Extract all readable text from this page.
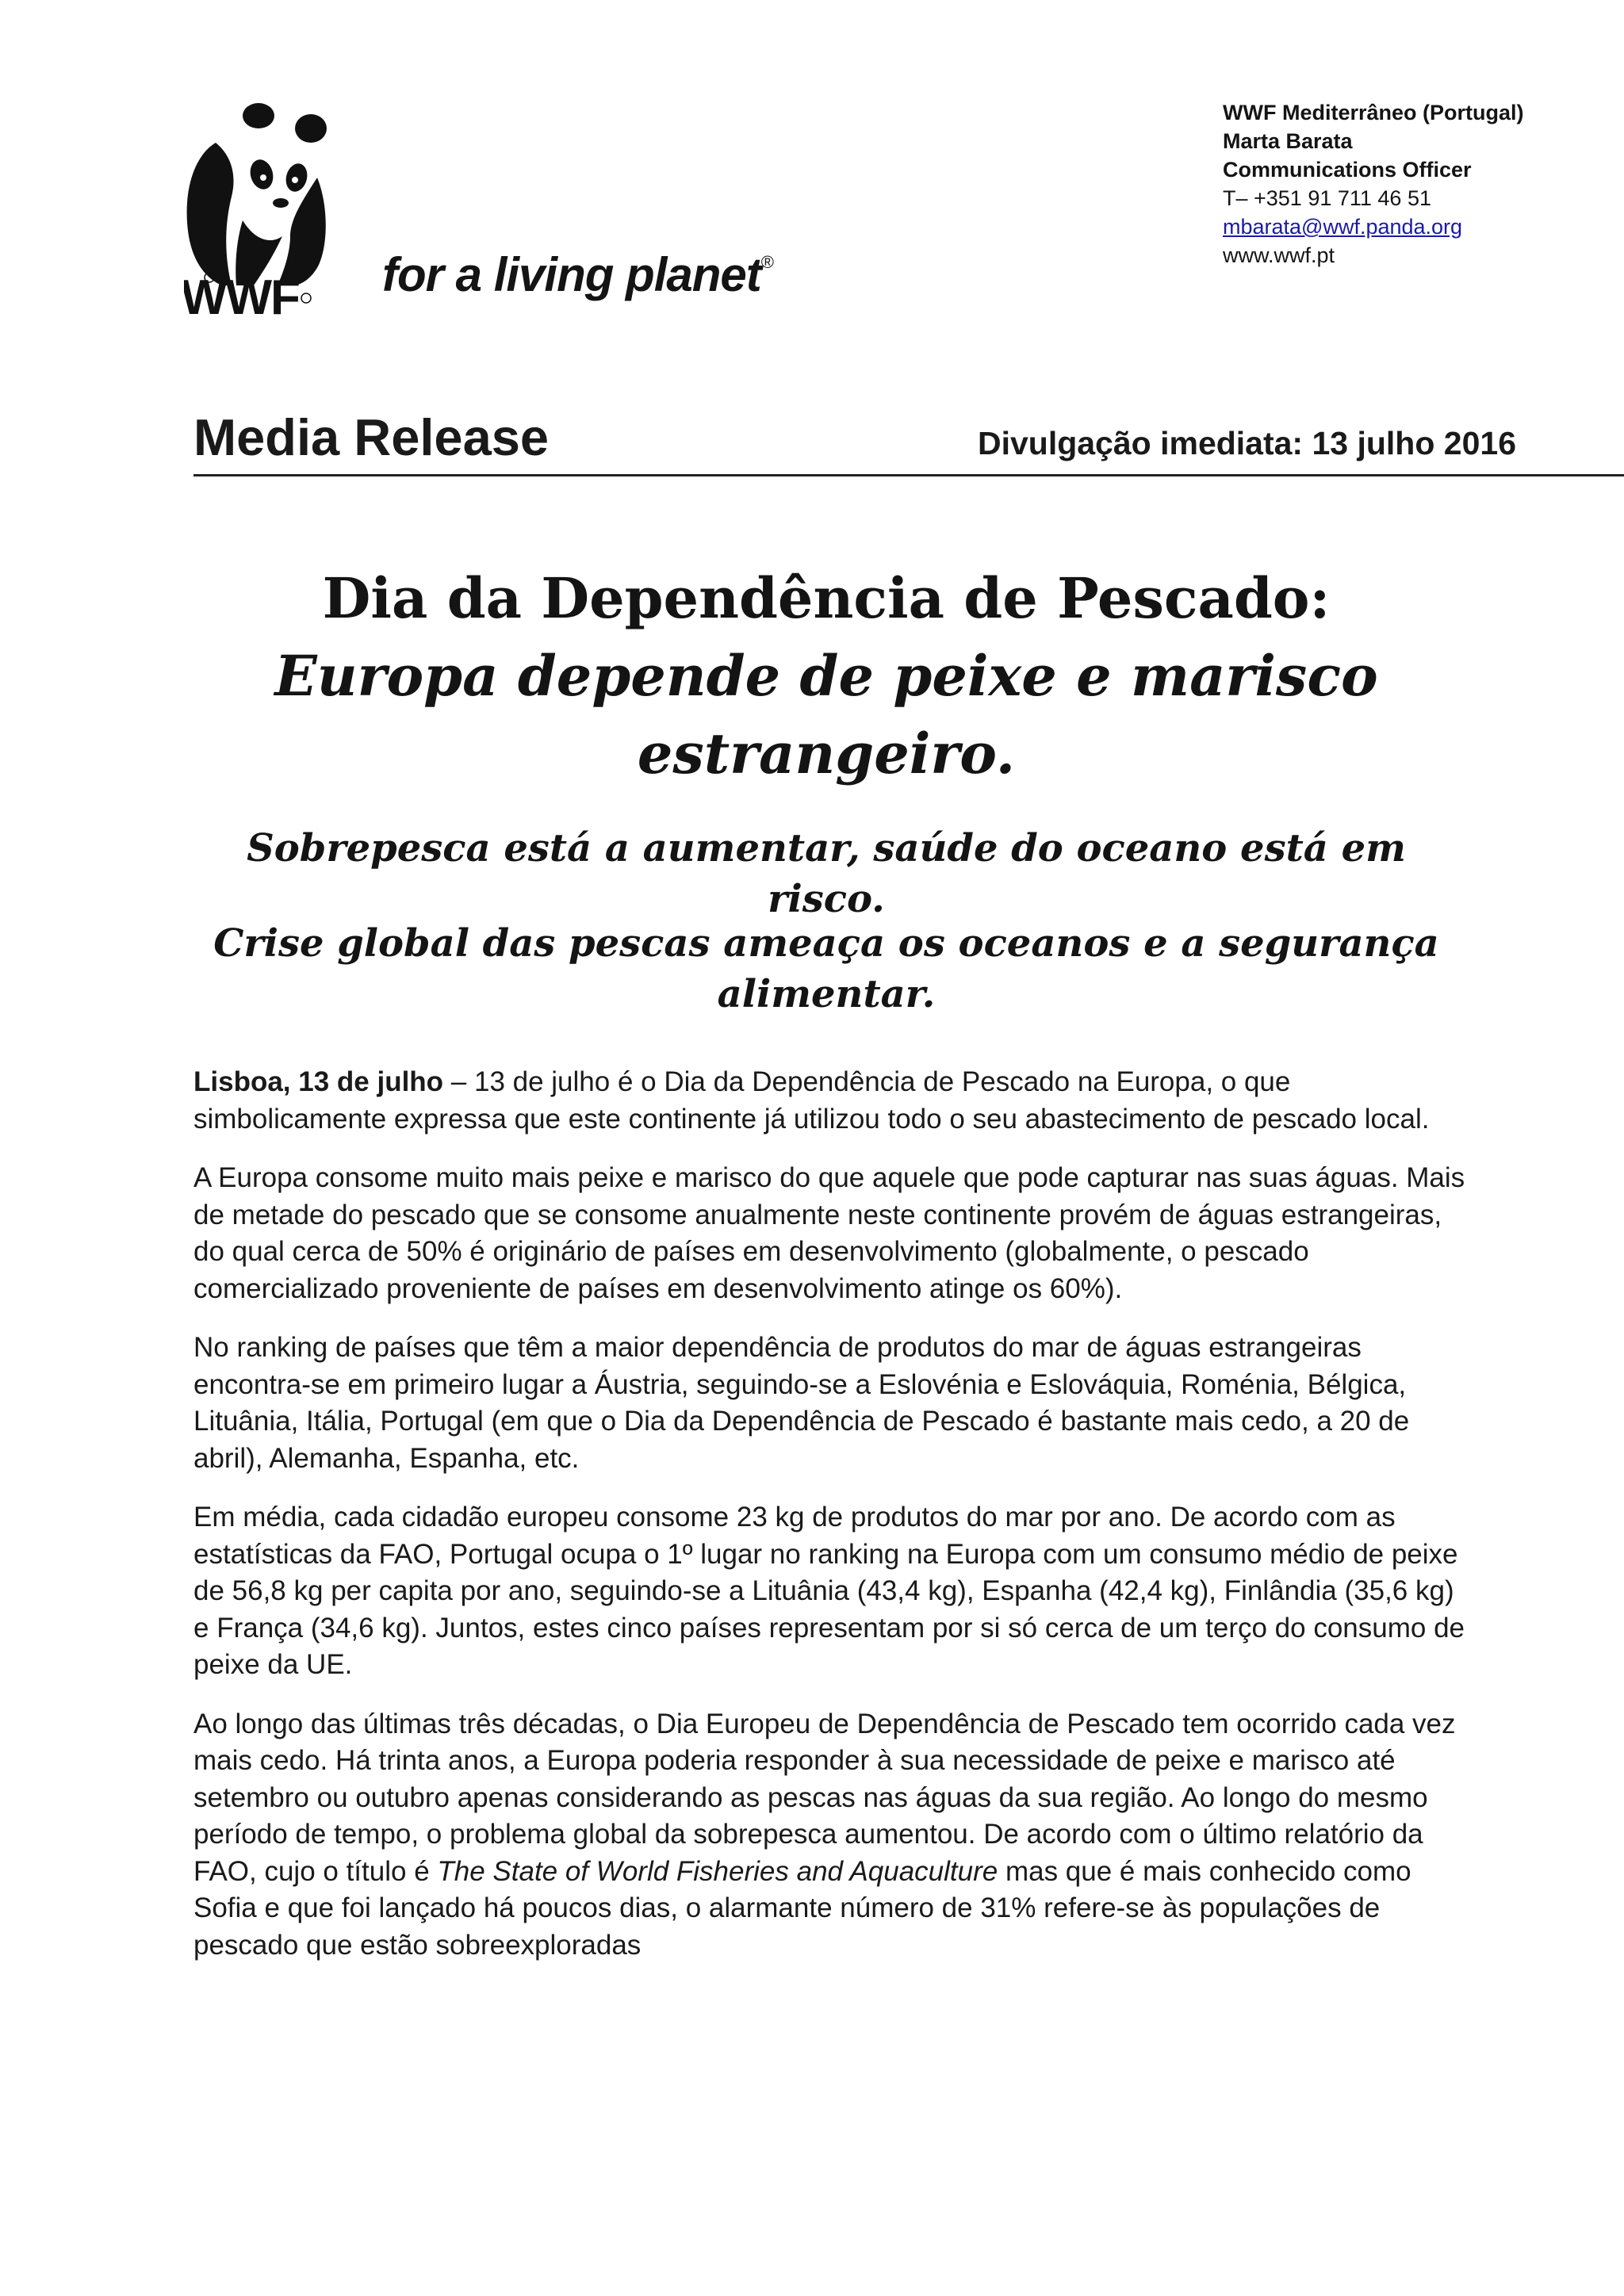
WWF for a living planet®
WWF Mediterrâneo (Portugal)
Marta Barata
Communications Officer
T– +351 91 711 46 51
mbarata@wwf.panda.org
www.wwf.pt
Media Release	Divulgação imediata: 13 julho 2016
Dia da Dependência de Pescado:
Europa depende de peixe e marisco estrangeiro.
Sobrepesca está a aumentar, saúde do oceano está em risco.
Crise global das pescas ameaça os oceanos e a segurança alimentar.

Lisboa, 13 de julho – 13 de julho é o Dia da Dependência de Pescado na Europa, o que simbolicamente expressa que este continente já utilizou todo o seu abastecimento de pescado local.

A Europa consome muito mais peixe e marisco do que aquele que pode capturar nas suas águas. Mais de metade do pescado que se consome anualmente neste continente provém de águas estrangeiras, do qual cerca de 50% é originário de países em desenvolvimento (globalmente, o pescado comercializado proveniente de países em desenvolvimento atinge os 60%).

No ranking de países que têm a maior dependência de produtos do mar de águas estrangeiras encontra-se em primeiro lugar a Áustria, seguindo-se a Eslovénia e Eslováquia, Roménia, Bélgica, Lituânia, Itália, Portugal (em que o Dia da Dependência de Pescado é bastante mais cedo, a 20 de abril), Alemanha, Espanha, etc.

Em média, cada cidadão europeu consome 23 kg de produtos do mar por ano. De acordo com as estatísticas da FAO, Portugal ocupa o 1º lugar no ranking na Europa com um consumo médio de peixe de 56,8 kg per capita por ano, seguindo-se a Lituânia (43,4 kg), Espanha (42,4 kg), Finlândia (35,6 kg) e França (34,6 kg). Juntos, estes cinco países representam por si só cerca de um terço do consumo de peixe da UE.

Ao longo das últimas três décadas, o Dia Europeu de Dependência de Pescado tem ocorrido cada vez mais cedo. Há trinta anos, a Europa poderia responder à sua necessidade de peixe e marisco até setembro ou outubro apenas considerando as pescas nas águas da sua região. Ao longo do mesmo período de tempo, o problema global da sobrepesca aumentou. De acordo com o último relatório da FAO, cujo o título é The State of World Fisheries and Aquaculture mas que é mais conhecido como Sofia e que foi lançado há poucos dias, o alarmante número de 31% refere-se às populações de pescado que estão sobreexploradas
